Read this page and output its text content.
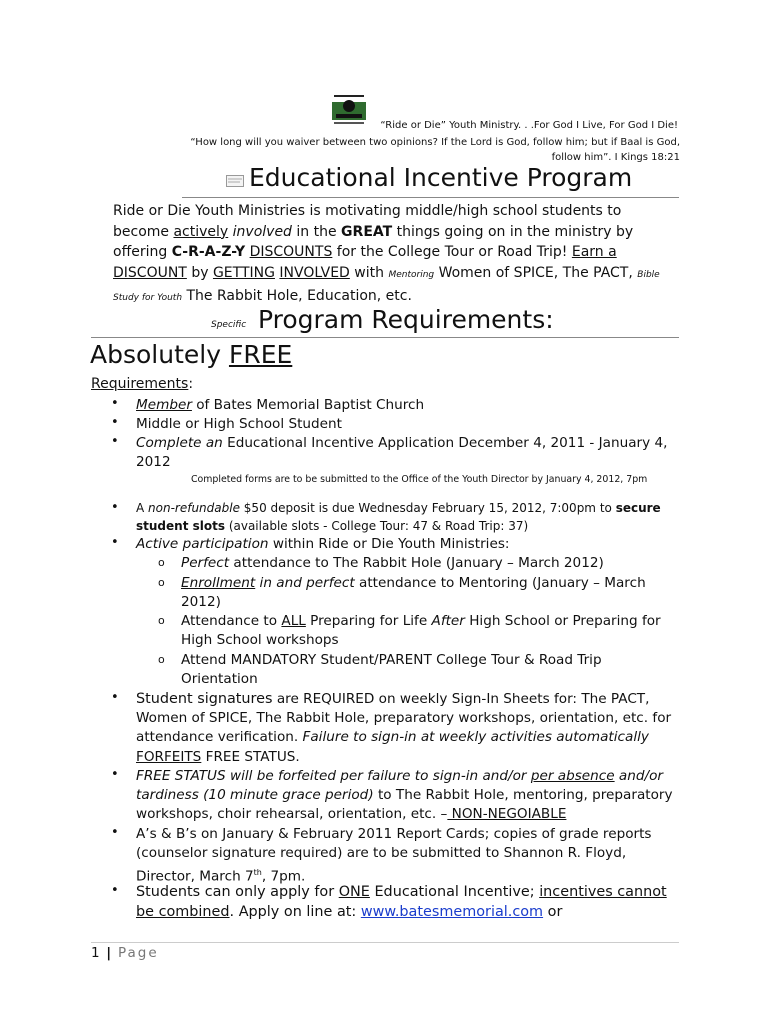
“Ride or Die” Youth Ministry. . .For God I Live, For God I Die!
“How long will you waiver between two opinions? If the Lord is God, follow him; but if Baal is God,
follow him”. I Kings 18:21
Educational Incentive Program
Ride or Die Youth Ministries is motivating middle/high school students to become actively involved in the GREAT things going on in the ministry by offering C-R-A-Z-Y DISCOUNTS for the College Tour or Road Trip! Earn a DISCOUNT by GETTING INVOLVED with Mentoring Women of SPICE, The PACT, Bible Study for Youth The Rabbit Hole, Education, etc.
Specific Program Requirements:
Absolutely FREE
Requirements:
• Member of Bates Memorial Baptist Church
• Middle or High School Student
• Complete an Educational Incentive Application December 4, 2011 - January 4, 2012
Completed forms are to be submitted to the Office of the Youth Director by January 4, 2012, 7pm
• A non-refundable $50 deposit is due Wednesday February 15, 2012, 7:00pm to secure student slots (available slots - College Tour: 47 & Road Trip: 37)
• Active participation within Ride or Die Youth Ministries:
o Perfect attendance to The Rabbit Hole (January – March 2012)
o Enrollment in and perfect attendance to Mentoring (January – March 2012)
o Attendance to ALL Preparing for Life After High School or Preparing for High School workshops
o Attend MANDATORY Student/PARENT College Tour & Road Trip Orientation
• Student signatures are REQUIRED on weekly Sign-In Sheets for: The PACT, Women of SPICE, The Rabbit Hole, preparatory workshops, orientation, etc. for attendance verification. Failure to sign-in at weekly activities automatically FORFEITS FREE STATUS.
• FREE STATUS will be forfeited per failure to sign-in and/or per absence and/or tardiness (10 minute grace period) to The Rabbit Hole, mentoring, preparatory workshops, choir rehearsal, orientation, etc. – NON-NEGOIABLE
• A’s & B’s on January & February 2011 Report Cards; copies of grade reports (counselor signature required) are to be submitted to Shannon R. Floyd, Director, March 7th, 7pm.
• Students can only apply for ONE Educational Incentive; incentives cannot be combined. Apply on line at: www.batesmemorial.com or
1 | Page
